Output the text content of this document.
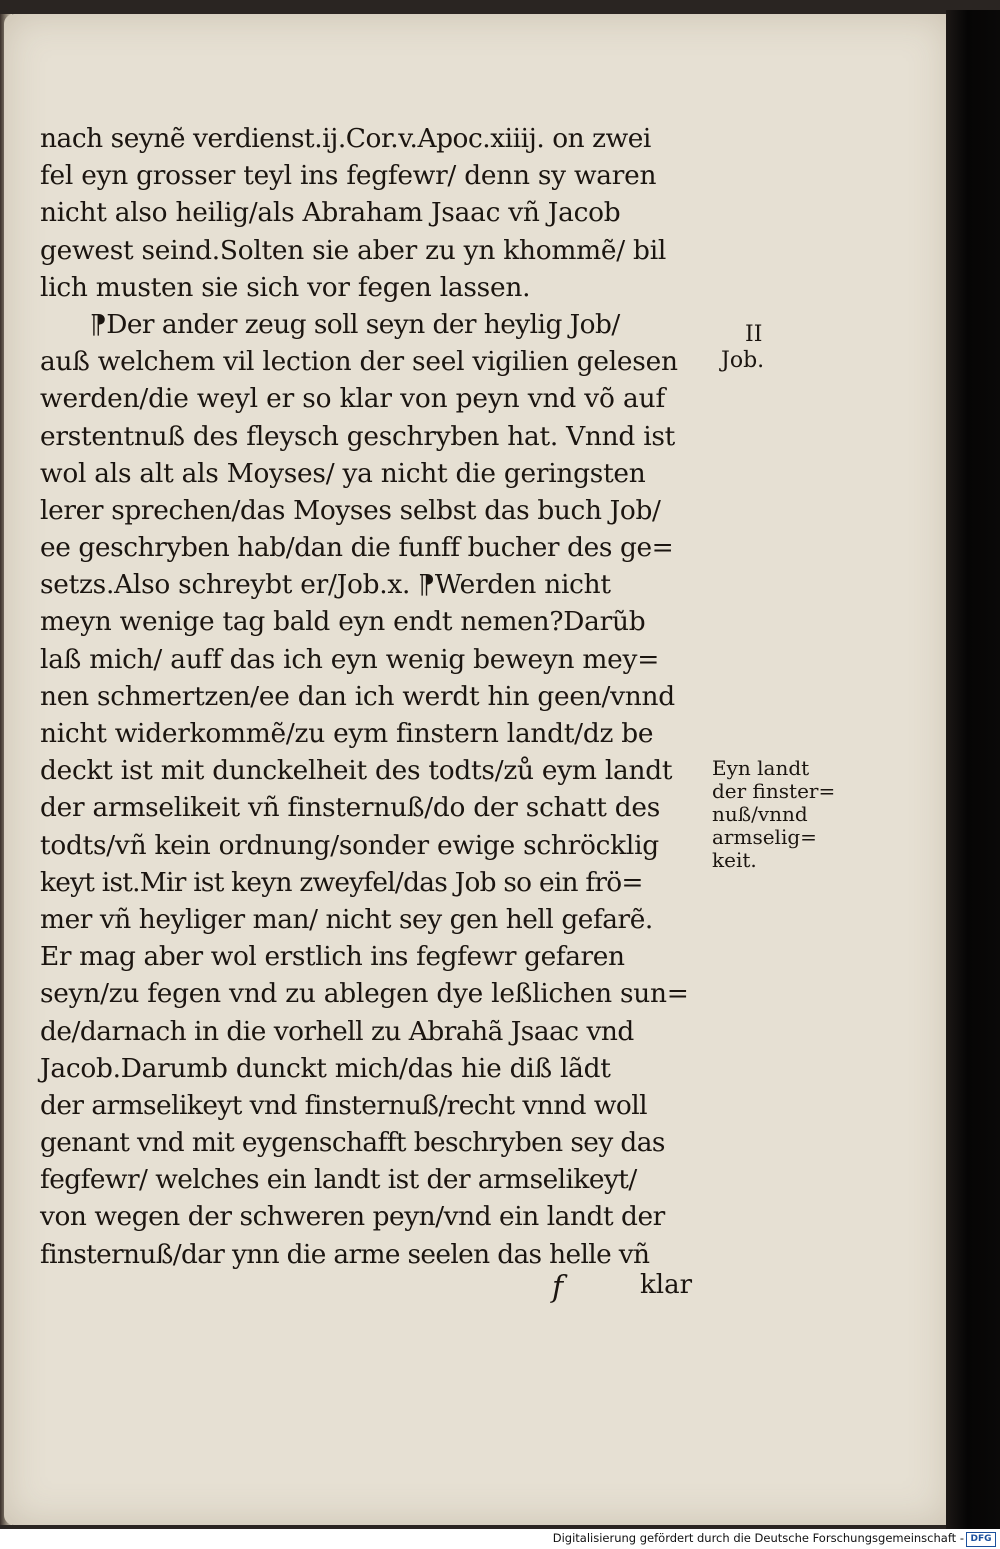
nach seynẽ verdienst.ij.Cor.v.Apoc.xiiij. on zwei
fel eyn grosser teyl ins fegfewr/ denn sy waren
nicht also heilig/als Abraham Jsaac vñ Jacob
gewest seind.Solten sie aber zu yn khommẽ/ bil
lich musten sie sich vor fegen lassen.
⁋Der ander zeug soll seyn der heylig Job/
auß welchem vil lection der seel vigilien gelesen
werden/die weyl er so klar von peyn vnd võ auf
erstentnuß des fleysch geschryben hat. Vnnd ist
wol als alt als Moyses/ ya nicht die geringsten
lerer sprechen/das Moyses selbst das buch Job/
ee geschryben hab/dan die funff bucher des ge=
setzs.Also schreybt er/Job.x. ⁋Werden nicht
meyn wenige tag bald eyn endt nemen?Darũb
laß mich/ auff das ich eyn wenig beweyn mey=
nen schmertzen/ee dan ich werdt hin geen/vnnd
nicht widerkommẽ/zu eym finstern landt/dz be
deckt ist mit dunckelheit des todts/zů eym landt
der armselikeit vñ finsternuß/do der schatt des
todts/vñ kein ordnung/sonder ewige schröcklig
keyt ist.Mir ist keyn zweyfel/das Job so ein frö=
mer vñ heyliger man/ nicht sey gen hell gefarẽ.
Er mag aber wol erstlich ins fegfewr gefaren
seyn/zu fegen vnd zu ablegen dye leßlichen sun=
de/darnach in die vorhell zu Abrahã Jsaac vnd
Jacob.Darumb dunckt mich/das hie diß lãdt
der armselikeyt vnd finsternuß/recht vnnd woll
genant vnd mit eygenschafft beschryben sey das
fegfewr/ welches ein landt ist der armselikeyt/
von wegen der schweren peyn/vnd ein landt der
finsternuß/dar ynn die arme seelen das helle vñ
II
Job.
Eyn landt
der finster=
nuß/vnnd
armselig=
keit.
f	klar
Digitalisierung gefördert durch die Deutsche Forschungsgemeinschaft - DFG
